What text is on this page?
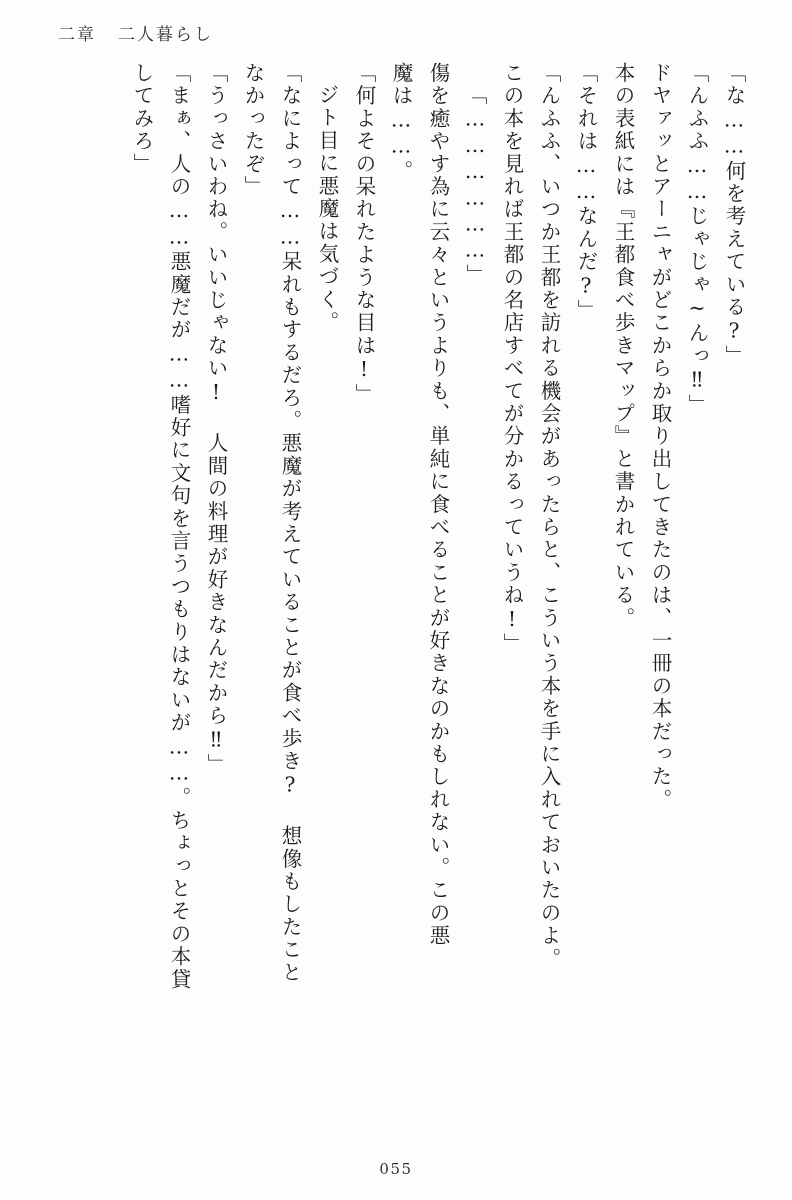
二章 二人暮らし
「な……何を考えている?」
「んふふ……じゃじゃ~んっ‼」
ドヤァッとアーニャがどこからか取り出してきたのは、一冊の本だった。
本の表紙には『王都食べ歩きマップ』と書かれている。
「それは……なんだ?」
「んふふ、いつか王都を訪れる機会があったらと、こういう本を手に入れておいたのよ。
この本を見れば王都の名店すべてが分かるっていうね!」
「………………」
傷を癒やす為に云々というよりも、単純に食べることが好きなのかもしれない。この悪
魔は……。
「何よその呆れたような目は!」
ジト目に悪魔は気づく。
「なによって……呆れもするだろ。悪魔が考えていることが食べ歩き? 想像もしたこと
なかったぞ」
「うっさいわね。いいじゃない! 人間の料理が好きなんだから‼」
「まぁ、人の……悪魔だが……嗜好に文句を言うつもりはないが……。ちょっとその本貸
してみろ」
055
